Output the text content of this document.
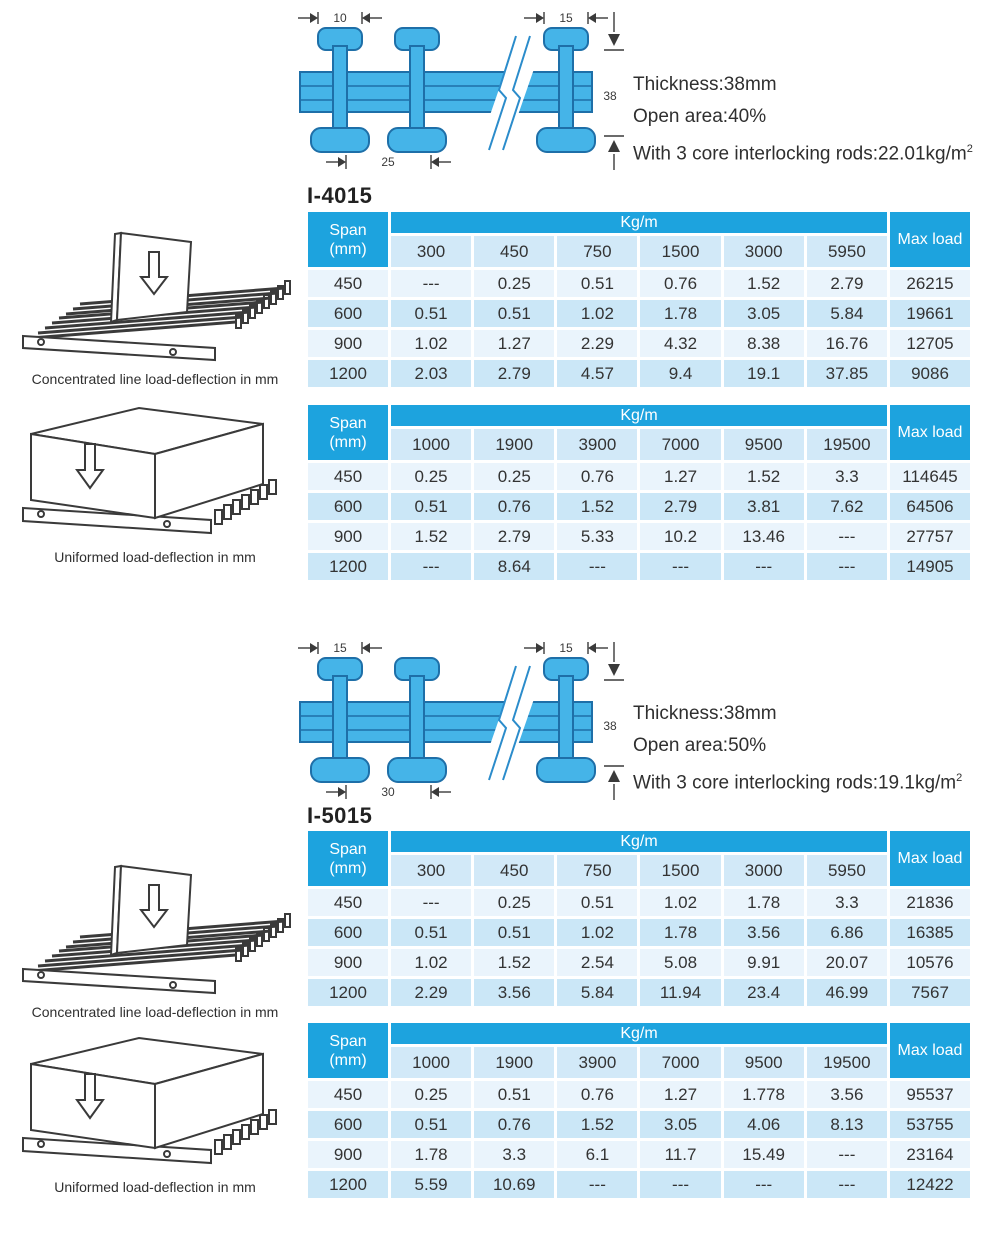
10	15
25
38
Thickness:38mm
Open area:40%
With 3 core interlocking $rods:22.01kg/m^2$
I-4015
Span
(mm)	Kg/m						Max load
	300	450	750	1500	3000	5950	
450	---	0.25	0.51	0.76	1.52	2.79	26215
600	0.51	0.51	1.02	1.78	3.05	5.84	19661
900	1.02	1.27	2.29	4.32	8.38	16.76	12705
1200	2.03	2.79	4.57	9.4	19.1	37.85	9086
Span
(mm)	Kg/m						Max load
	1000	1900	3900	7000	9500	19500	
450	0.25	0.25	0.76	1.27	1.52	3.3	114645
600	0.51	0.76	1.52	2.79	3.81	7.62	64506
900	1.52	2.79	5.33	10.2	13.46	---	27757
1200	---	8.64	---	---	---	---	14905
Concentrated line load-deflection in mm
Uniformed load-deflection in mm
15	15
30
38
Thickness:38mm
Open area:50%
With 3 core interlocking $rods:19.1kg/m^2$
I-5015
Span
(mm)	Kg/m						Max load
	300	450	750	1500	3000	5950	
450	---	0.25	0.51	1.02	1.78	3.3	21836
600	0.51	0.51	1.02	1.78	3.56	6.86	16385
900	1.02	1.52	2.54	5.08	9.91	20.07	10576
1200	2.29	3.56	5.84	11.94	23.4	46.99	7567
Span
(mm)	Kg/m						Max load
	1000	1900	3900	7000	9500	19500	
450	0.25	0.51	0.76	1.27	1.778	3.56	95537
600	0.51	0.76	1.52	3.05	4.06	8.13	53755
900	1.78	3.3	6.1	11.7	15.49	---	23164
1200	5.59	10.69	---	---	---	---	12422
Concentrated line load-deflection in mm
Uniformed load-deflection in mm
